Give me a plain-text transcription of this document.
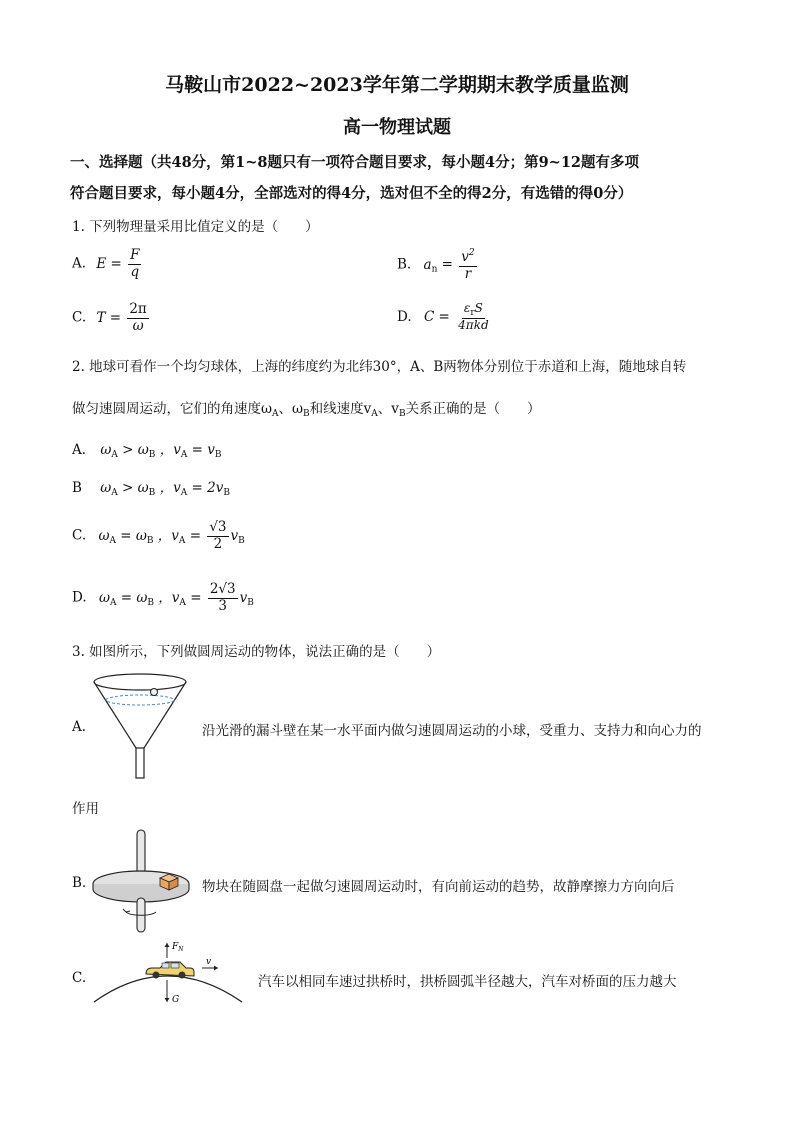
马鞍山市2022~2023学年第二学期期末教学质量监测
高一物理试题
一、选择题（共48分，第1~8题只有一项符合题目要求，每小题4分；第9~12题有多项
符合题目要求，每小题4分，全部选对的得4分，选对但不全的得2分，有选错的得0分）
1. 下列物理量采用比值定义的是（　　）
A. $E = \frac{F}{q}$	B. $a_n = \frac{v^2}{r}$
C. $T = \frac{2\pi}{\omega}$	D. $C = \frac{\varepsilon_rS}{\text{4πkd}}$
2. 地球可看作一个均匀球体，上海的纬度约为北纬30°，A、B两物体分别位于赤道和上海，随地球自转
做匀速圆周运动，它们的角速度$\omega_A$、$\omega_B$和线速度$v_A$、$v_B$关系正确的是（　　）
A. $\omega_A > \omega_B$ ，$v_A = v_B$
B $\omega_A > \omega_B$ ，$v_A = 2v_B$
C. $\omega_A = \omega_B$ ，$v_A = \frac{√3}{2} v_B$
D. $\omega_A = \omega_B$ ，$v_A = \frac{2√3}{3} v_B$
3. 如图所示，下列做圆周运动的物体，说法正确的是（　　）
A.	沿光滑的漏斗壁在某一水平面内做匀速圆周运动的小球，受重力、支持力和向心力的
作用
B.	物块在随圆盘一起做匀速圆周运动时，有向前运动的趋势，故静摩擦力方向向后
C.
$F_N$
v
G
汽车以相同车速过拱桥时，拱桥圆弧半径越大，汽车对桥面的压力越大
